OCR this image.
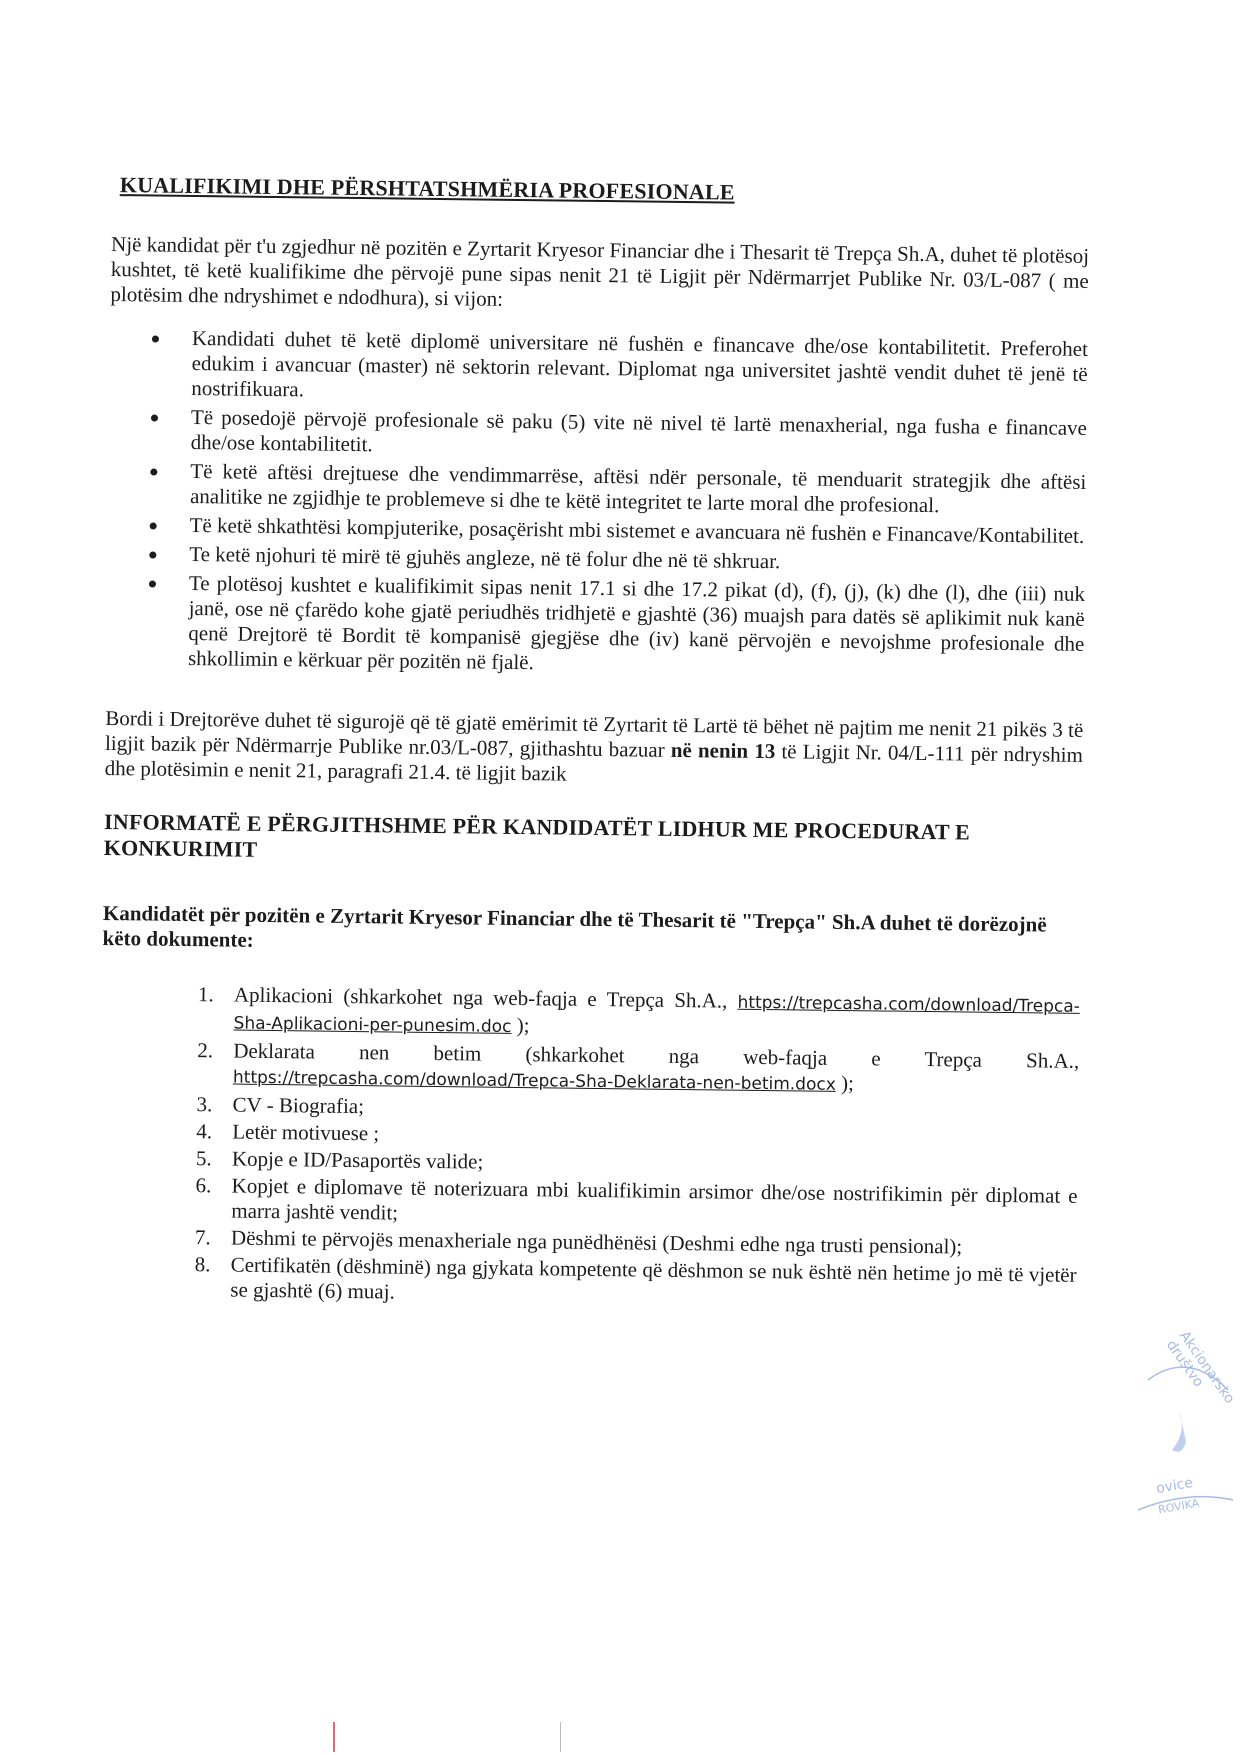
KUALIFIKIMI DHE PËRSHTATSHMËRIA PROFESIONALE
Një kandidat për t'u zgjedhur në pozitën e Zyrtarit Kryesor Financiar dhe i Thesarit të Trepça Sh.A, duhet të plotësoj kushtet, të ketë kualifikime dhe përvojë pune sipas nenit 21 të Ligjit për Ndërmarrjet Publike Nr. 03/L-087 ( me plotësim dhe ndryshimet e ndodhura), si vijon:
Kandidati duhet të ketë diplomë universitare në fushën e financave dhe/ose kontabilitetit. Preferohet edukim i avancuar (master) në sektorin relevant. Diplomat nga universitet jashtë vendit duhet të jenë të nostrifikuara.
Të posedojë përvojë profesionale së paku (5) vite në nivel të lartë menaxherial, nga fusha e financave dhe/ose kontabilitetit.
Të ketë aftësi drejtuese dhe vendimmarrëse, aftësi ndër personale, të menduarit strategjik dhe aftësi analitike ne zgjidhje te problemeve si dhe te këtë integritet te larte moral dhe profesional.
Të ketë shkathtësi kompjuterike, posaçërisht mbi sistemet e avancuara në fushën e Financave/Kontabilitet.
Te ketë njohuri të mirë të gjuhës angleze, në të folur dhe në të shkruar.
Te plotësoj kushtet e kualifikimit sipas nenit 17.1 si dhe 17.2 pikat (d), (f), (j), (k) dhe (l), dhe (iii) nuk janë, ose në çfarëdo kohe gjatë periudhës tridhjetë e gjashtë (36) muajsh para datës së aplikimit nuk kanë qenë Drejtorë të Bordit të kompanisë gjegjëse dhe (iv) kanë përvojën e nevojshme profesionale dhe shkollimin e kërkuar për pozitën në fjalë.
Bordi i Drejtorëve duhet të sigurojë që të gjatë emërimit të Zyrtarit të Lartë të bëhet në pajtim me nenit 21 pikës 3 të ligjit bazik për Ndërmarrje Publike nr.03/L-087, gjithashtu bazuar në nenin 13 të Ligjit Nr. 04/L-111 për ndryshim dhe plotësimin e nenit 21, paragrafi 21.4. të ligjit bazik
INFORMATË E PËRGJITHSHME PËR KANDIDATËT LIDHUR ME PROCEDURAT E KONKURIMIT
Kandidatët për pozitën e Zyrtarit Kryesor Financiar dhe të Thesarit të "Trepça" Sh.A duhet të dorëzojnë këto dokumente:
1. Aplikacioni (shkarkohet nga web-faqja e Trepça Sh.A., https://trepcasha.com/download/Trepca-Sha-Aplikacioni-per-punesim.doc );
2. Deklarata nen betim (shkarkohet nga web-faqja e Trepça Sh.A., https://trepcasha.com/download/Trepca-Sha-Deklarata-nen-betim.docx );
3. CV - Biografia;
4. Letër motivuese ;
5. Kopje e ID/Pasaportës valide;
6. Kopjet e diplomave të noterizuara mbi kualifikimin arsimor dhe/ose nostrifikimin për diplomat e marra jashtë vendit;
7. Dëshmi te përvojës menaxheriale nga punëdhënësi (Deshmi edhe nga trusti pensional);
8. Certifikatën (dëshminë) nga gjykata kompetente që dëshmon se nuk është nën hetime jo më të vjetër se gjashtë (6) muaj.
Akcionarsko društvo
ovice
ROVIKA
